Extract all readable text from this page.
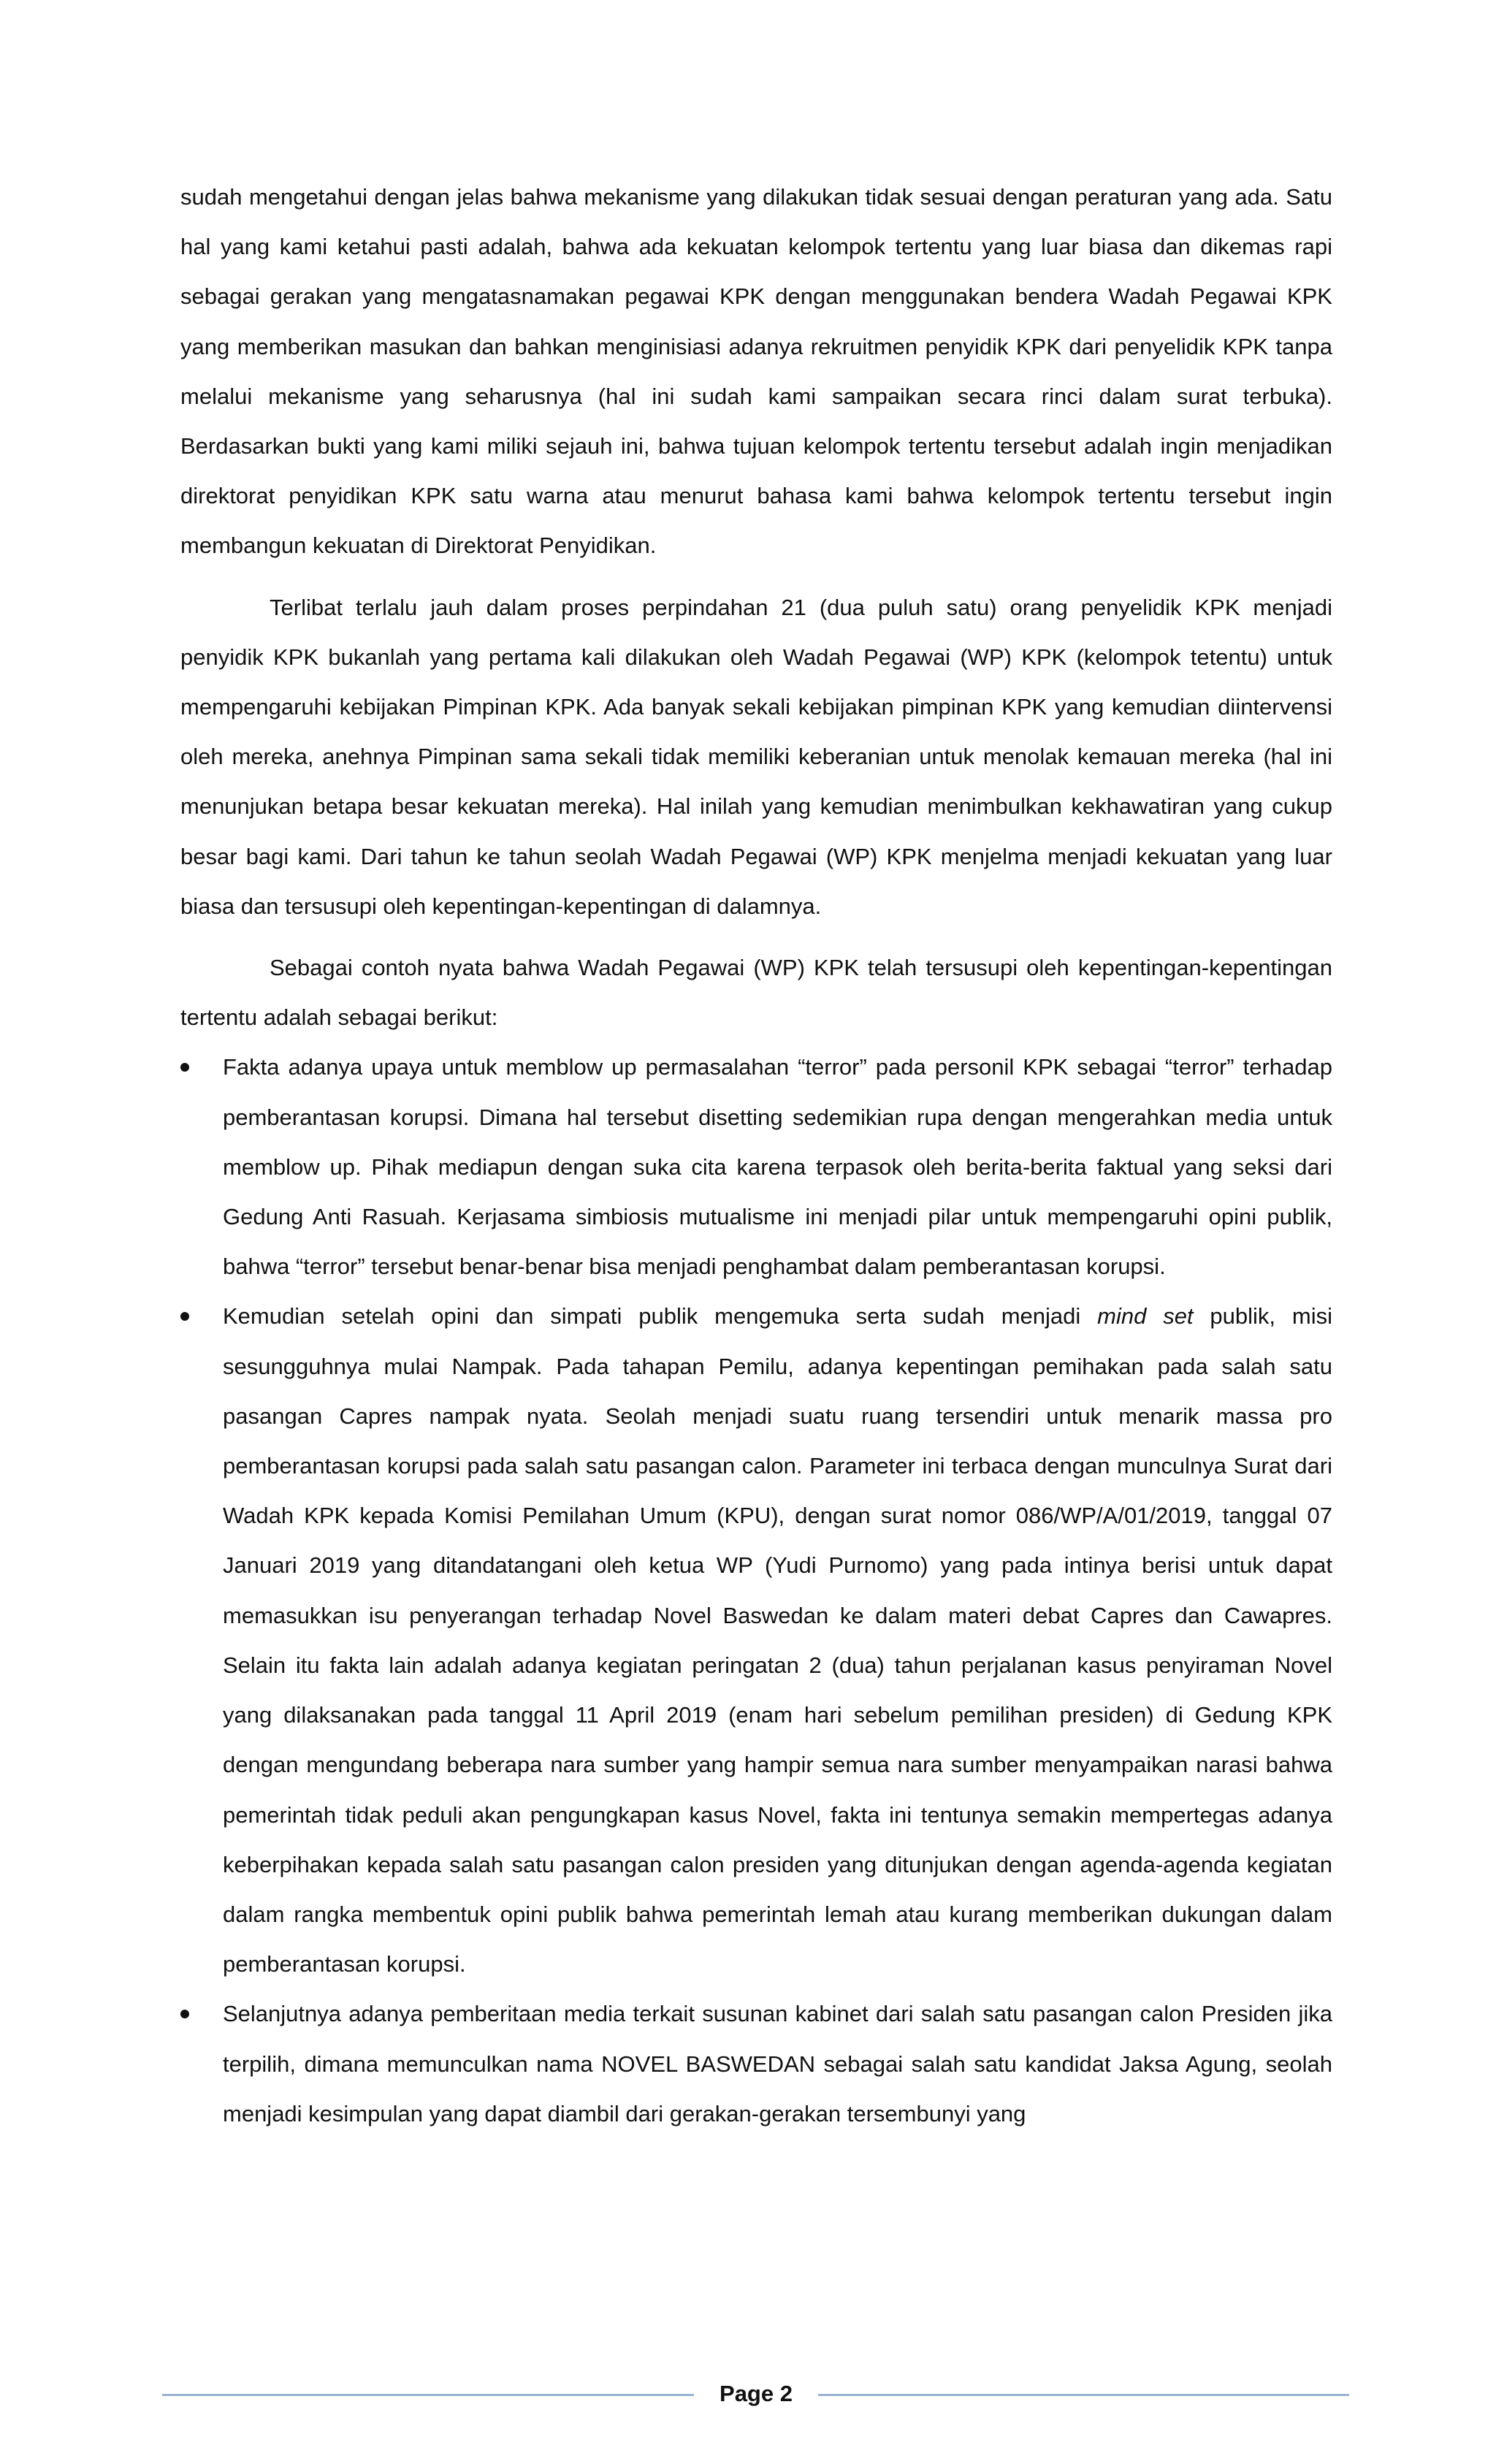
sudah mengetahui dengan jelas bahwa mekanisme yang dilakukan tidak sesuai dengan peraturan yang ada. Satu hal yang kami ketahui pasti adalah, bahwa ada kekuatan kelompok tertentu yang luar biasa dan dikemas rapi sebagai gerakan yang mengatasnamakan pegawai KPK dengan menggunakan bendera Wadah Pegawai KPK yang memberikan masukan dan bahkan menginisiasi adanya rekruitmen penyidik KPK dari penyelidik KPK tanpa melalui mekanisme yang seharusnya (hal ini sudah kami sampaikan secara rinci dalam surat terbuka). Berdasarkan bukti yang kami miliki sejauh ini, bahwa tujuan kelompok tertentu tersebut adalah ingin menjadikan direktorat penyidikan KPK satu warna atau menurut bahasa kami bahwa kelompok tertentu tersebut ingin membangun kekuatan di Direktorat Penyidikan.

Terlibat terlalu jauh dalam proses perpindahan 21 (dua puluh satu) orang penyelidik KPK menjadi penyidik KPK bukanlah yang pertama kali dilakukan oleh Wadah Pegawai (WP) KPK (kelompok tetentu) untuk mempengaruhi kebijakan Pimpinan KPK. Ada banyak sekali kebijakan pimpinan KPK yang kemudian diintervensi oleh mereka, anehnya Pimpinan sama sekali tidak memiliki keberanian untuk menolak kemauan mereka (hal ini menunjukan betapa besar kekuatan mereka). Hal inilah yang kemudian menimbulkan kekhawatiran yang cukup besar bagi kami. Dari tahun ke tahun seolah Wadah Pegawai (WP) KPK menjelma menjadi kekuatan yang luar biasa dan tersusupi oleh kepentingan-kepentingan di dalamnya.

Sebagai contoh nyata bahwa Wadah Pegawai (WP) KPK telah tersusupi oleh kepentingan-kepentingan tertentu adalah sebagai berikut:

Fakta adanya upaya untuk memblow up permasalahan “terror” pada personil KPK sebagai “terror” terhadap pemberantasan korupsi. Dimana hal tersebut disetting sedemikian rupa dengan mengerahkan media untuk memblow up. Pihak mediapun dengan suka cita karena terpasok oleh berita-berita faktual yang seksi dari Gedung Anti Rasuah. Kerjasama simbiosis mutualisme ini menjadi pilar untuk mempengaruhi opini publik, bahwa “terror” tersebut benar-benar bisa menjadi penghambat dalam pemberantasan korupsi.
Kemudian setelah opini dan simpati publik mengemuka serta sudah menjadi mind set publik, misi sesungguhnya mulai Nampak. Pada tahapan Pemilu, adanya kepentingan pemihakan pada salah satu pasangan Capres nampak nyata. Seolah menjadi suatu ruang tersendiri untuk menarik massa pro pemberantasan korupsi pada salah satu pasangan calon. Parameter ini terbaca dengan munculnya Surat dari Wadah KPK kepada Komisi Pemilahan Umum (KPU), dengan surat nomor 086/WP/A/01/2019, tanggal 07 Januari 2019 yang ditandatangani oleh ketua WP (Yudi Purnomo) yang pada intinya berisi untuk dapat memasukkan isu penyerangan terhadap Novel Baswedan ke dalam materi debat Capres dan Cawapres. Selain itu fakta lain adalah adanya kegiatan peringatan 2 (dua) tahun perjalanan kasus penyiraman Novel yang dilaksanakan pada tanggal 11 April 2019 (enam hari sebelum pemilihan presiden) di Gedung KPK dengan mengundang beberapa nara sumber yang hampir semua nara sumber menyampaikan narasi bahwa pemerintah tidak peduli akan pengungkapan kasus Novel, fakta ini tentunya semakin mempertegas adanya keberpihakan kepada salah satu pasangan calon presiden yang ditunjukan dengan agenda-agenda kegiatan dalam rangka membentuk opini publik bahwa pemerintah lemah atau kurang memberikan dukungan dalam pemberantasan korupsi.
Selanjutnya adanya pemberitaan media terkait susunan kabinet dari salah satu pasangan calon Presiden jika terpilih, dimana memunculkan nama NOVEL BASWEDAN sebagai salah satu kandidat Jaksa Agung, seolah menjadi kesimpulan yang dapat diambil dari gerakan-gerakan tersembunyi yang
Page 2
